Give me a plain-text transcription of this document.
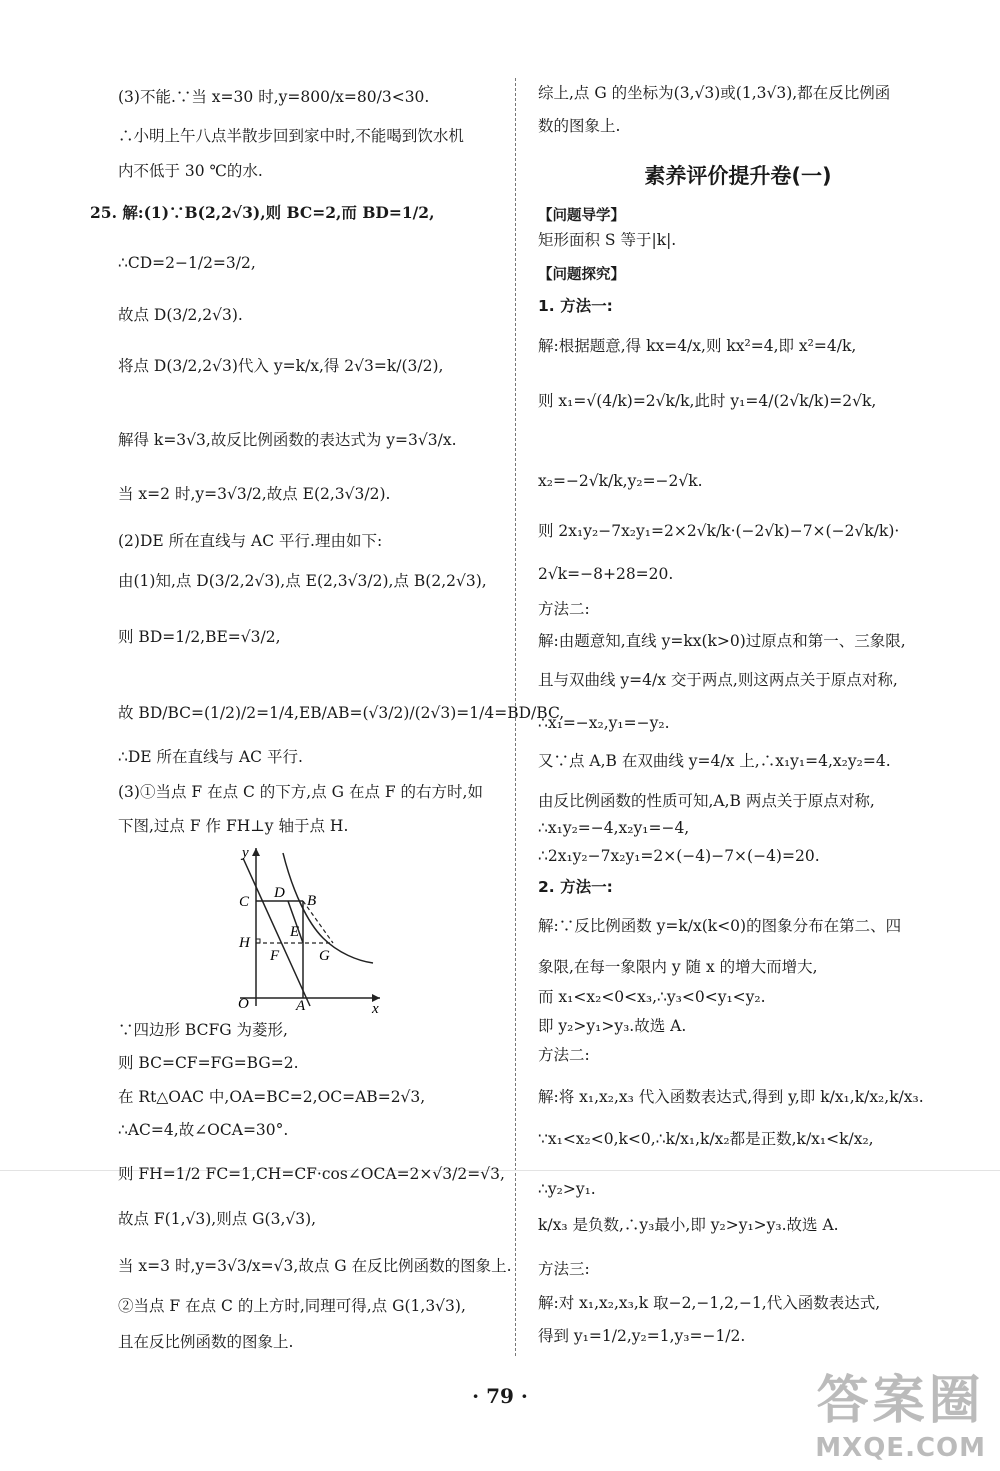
(3)不能.∵当 x=30 时,y=800/x=80/3<30.
∴小明上午八点半散步回到家中时,不能喝到饮水机
内不低于 30 ℃的水.
25. 解:(1)∵B(2,2√3),则 BC=2,而 BD=1/2,
∴CD=2−1/2=3/2,
故点 D(3/2,2√3).
将点 D(3/2,2√3)代入 y=k/x,得 2√3=k/(3/2),
解得 k=3√3,故反比例函数的表达式为 y=3√3/x.
当 x=2 时,y=3√3/2,故点 E(2,3√3/2).
(2)DE 所在直线与 AC 平行.理由如下:
由(1)知,点 D(3/2,2√3),点 E(2,3√3/2),点 B(2,2√3),
则 BD=1/2,BE=√3/2,
故 BD/BC=(1/2)/2=1/4,EB/AB=(√3/2)/(2√3)=1/4=BD/BC,
∴DE 所在直线与 AC 平行.
(3)①当点 F 在点 C 的下方,点 G 在点 F 的右方时,如
下图,过点 F 作 FH⊥y 轴于点 H.
∵四边形 BCFG 为菱形,
则 BC=CF=FG=BG=2.
在 Rt△OAC 中,OA=BC=2,OC=AB=2√3,
∴AC=4,故∠OCA=30°.
则 FH=1/2 FC=1,CH=CF·cos∠OCA=2×√3/2=√3,
故点 F(1,√3),则点 G(3,√3),
当 x=3 时,y=3√3/x=√3,故点 G 在反比例函数的图象上.
②当点 F 在点 C 的上方时,同理可得,点 G(1,3√3),
且在反比例函数的图象上.
素养评价提升卷(一)
【问题导学】
矩形面积 S 等于|k|.
【问题探究】
综上,点 G 的坐标为(3,√3)或(1,3√3),都在反比例函
数的图象上.
1. 方法一:
解:根据题意,得 kx=4/x,则 kx²=4,即 x²=4/k,
则 x₁=√(4/k)=2√k/k,此时 y₁=4/(2√k/k)=2√k,
x₂=−2√k/k,y₂=−2√k.
则 2x₁y₂−7x₂y₁=2×2√k/k·(−2√k)−7×(−2√k/k)·
2√k=−8+28=20.
方法二:
解:由题意知,直线 y=kx(k>0)过原点和第一、三象限,
且与双曲线 y=4/x 交于两点,则这两点关于原点对称,
∴x₁=−x₂,y₁=−y₂.
又∵点 A,B 在双曲线 y=4/x 上,∴x₁y₁=4,x₂y₂=4.
由反比例函数的性质可知,A,B 两点关于原点对称,
∴x₁y₂=−4,x₂y₁=−4,
∴2x₁y₂−7x₂y₁=2×(−4)−7×(−4)=20.
2. 方法一:
解:∵反比例函数 y=k/x(k<0)的图象分布在第二、四
象限,在每一象限内 y 随 x 的增大而增大,
而 x₁<x₂<0<x₃,∴y₃<0<y₁<y₂.
即 y₂>y₁>y₃.故选 A.
方法二:
解:将 x₁,x₂,x₃ 代入函数表达式,得到 y,即 k/x₁,k/x₂,k/x₃.
∵x₁<x₂<0,k<0,∴k/x₁,k/x₂都是正数,k/x₁<k/x₂,
∴y₂>y₁.
k/x₃ 是负数,∴y₃最小,即 y₂>y₁>y₃.故选 A.
方法三:
解:对 x₁,x₂,x₃,k 取−2,−1,2,−1,代入函数表达式,
得到 y₁=1/2,y₂=1,y₃=−1/2.
y
x
O
C
D B
E
H
F	G
A
· 79 ·	答案圈
MXQE.COM
